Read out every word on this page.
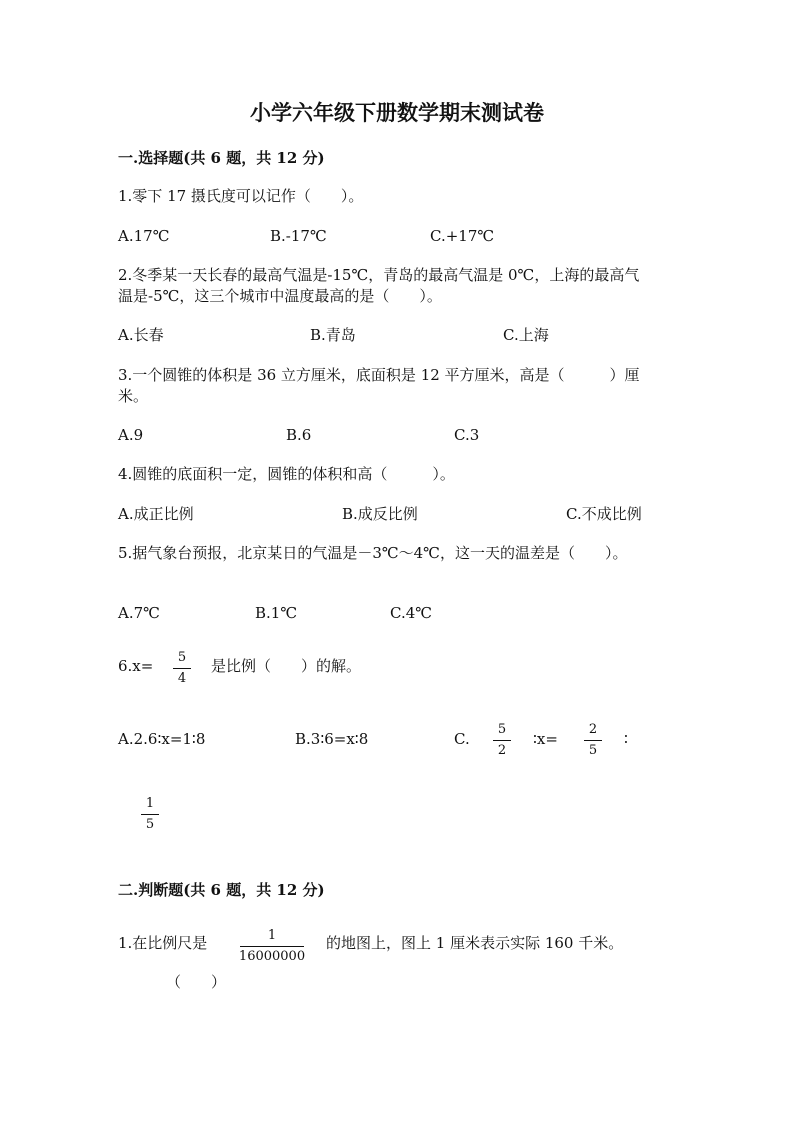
小学六年级下册数学期末测试卷
一.选择题(共 6 题，共 12 分)
1.零下 17 摄氏度可以记作（　　）。
A.17℃	B.-17℃	C.+17℃
2.冬季某一天长春的最高气温是-15℃，青岛的最高气温是 0℃，上海的最高气
温是-5℃，这三个城市中温度最高的是（　　）。
A.长春	B.青岛	C.上海
3.一个圆锥的体积是 36 立方厘米，底面积是 12 平方厘米，高是（　　　）厘
米。
A.9	B.6	C.3
4.圆锥的底面积一定，圆锥的体积和高（　　　）。
A.成正比例	B.成反比例	C.不成比例
5.据气象台预报，北京某日的气温是－3℃～4℃，这一天的温差是（　　）。
A.7℃	B.1℃	C.4℃
6.x= 5
4
是比例（　　）的解。
A.2.6∶x=1∶8	B.3∶6=x∶8	C.
5
2
∶x=
2
5
∶
1
5
二.判断题(共 6 题，共 12 分)
1.在比例尺是	1
16000000
的地图上，图上 1 厘米表示实际 160 千米。
（　　）
